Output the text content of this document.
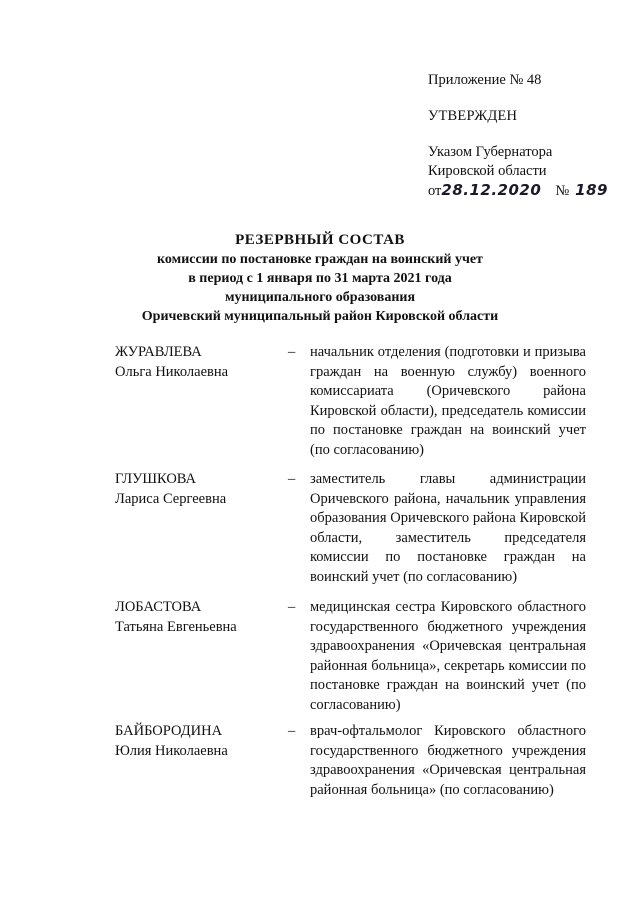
Приложение № 48

УТВЕРЖДЕН

Указом Губернатора

Кировской области

от28.12.2020 № 189

РЕЗЕРВНЫЙ СОСТАВ
комиссии по постановке граждан на воинский учет
в период с 1 января по 31 марта 2021 года
муниципального образования
Оричевский муниципальный район Кировской области
ЖУРАВЛЕВА
Ольга Николаевна
–	начальник отделения (подготовки и призыва граждан на военную службу) военного комиссариата (Оричевского района Кировской области), председатель комиссии по постановке граждан на воинский учет (по согласованию)
ГЛУШКОВА
Лариса Сергеевна
–	заместитель главы администрации Оричевского района, начальник управления образования Оричевского района Кировской области, заместитель председателя комиссии по постановке граждан на воинский учет (по согласованию)
ЛОБАСТОВА
Татьяна Евгеньевна
–	медицинская сестра Кировского областного государственного бюджетного учреждения здравоохранения «Оричевская центральная районная больница», секретарь комиссии по постановке граждан на воинский учет (по согласованию)
БАЙБОРОДИНА
Юлия Николаевна
–	врач-офтальмолог Кировского областного государственного бюджетного учреждения здравоохранения «Оричевская центральная районная больница» (по согласованию)
